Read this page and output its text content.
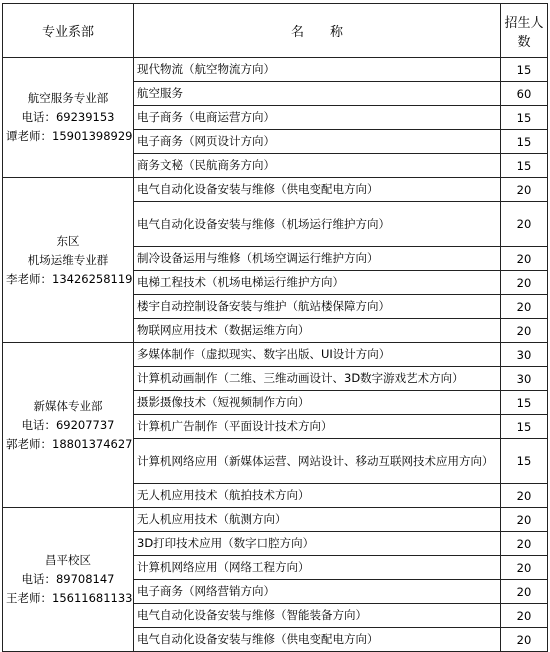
专业系部	名　　称	招生人数

航空服务专业部
电话：69239153
谭老师：15901398929	现代物流（航空物流方向）	15
	航空服务	60
	电子商务（电商运营方向）	15
	电子商务（网页设计方向）	15
	商务文秘（民航商务方向）	15

东区
机场运维专业群
李老师：13426258119	电气自动化设备安装与维修（供电变配电方向）	20
	电气自动化设备安装与维修（机场运行维护方向）	20
	制冷设备运用与维修（机场空调运行维护方向）	20
	电梯工程技术（机场电梯运行维护方向）	20
	楼宇自动控制设备安装与维护（航站楼保障方向）	20
	物联网应用技术（数据运维方向）	20

新媒体专业部
电话：69207737
郭老师：18801374627	多媒体制作（虚拟现实、数字出版、UI设计方向）	30
	计算机动画制作（二维、三维动画设计、3D数字游戏艺术方向）	30
	摄影摄像技术（短视频制作方向）	15
	计算机广告制作（平面设计技术方向）	15
	计算机网络应用（新媒体运营、网站设计、移动互联网技术应用方向）	15
	无人机应用技术（航拍技术方向）	20

昌平校区
电话：89708147
王老师：15611681133	无人机应用技术（航测方向）	20
	3D打印技术应用（数字口腔方向）	20
	计算机网络应用（网络工程方向）	20
	电子商务（网络营销方向）	20
	电气自动化设备安装与维修（智能装备方向）	20
	电气自动化设备安装与维修（供电变配电方向）	20
